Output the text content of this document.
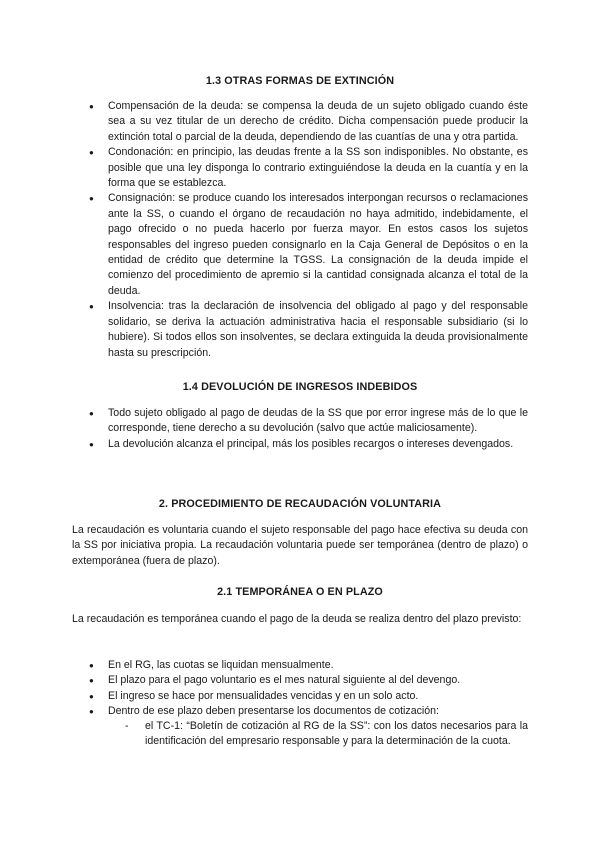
1.3 OTRAS FORMAS DE EXTINCIÓN
● Compensación de la deuda: se compensa la deuda de un sujeto obligado cuando éste sea a su vez titular de un derecho de crédito. Dicha compensación puede producir la extinción total o parcial de la deuda, dependiendo de las cuantías de una y otra partida.
● Condonación: en principio, las deudas frente a la SS son indisponibles. No obstante, es posible que una ley disponga lo contrario extinguiéndose la deuda en la cuantía y en la forma que se establezca.
● Consignación: se produce cuando los interesados interpongan recursos o reclamaciones ante la SS, o cuando el órgano de recaudación no haya admitido, indebidamente, el pago ofrecido o no pueda hacerlo por fuerza mayor. En estos casos los sujetos responsables del ingreso pueden consignarlo en la Caja General de Depósitos o en la entidad de crédito que determine la TGSS. La consignación de la deuda impide el comienzo del procedimiento de apremio si la cantidad consignada alcanza el total de la deuda.
● Insolvencia: tras la declaración de insolvencia del obligado al pago y del responsable solidario, se deriva la actuación administrativa hacia el responsable subsidiario (si lo hubiere). Si todos ellos son insolventes, se declara extinguida la deuda provisionalmente hasta su prescripción.
1.4 DEVOLUCIÓN DE INGRESOS INDEBIDOS
● Todo sujeto obligado al pago de deudas de la SS que por error ingrese más de lo que le corresponde, tiene derecho a su devolución (salvo que actúe maliciosamente).
● La devolución alcanza el principal, más los posibles recargos o intereses devengados.
2. PROCEDIMIENTO DE RECAUDACIÓN VOLUNTARIA

La recaudación es voluntaria cuando el sujeto responsable del pago hace efectiva su deuda con la SS por iniciativa propia. La recaudación voluntaria puede ser temporánea (dentro de plazo) o extemporánea (fuera de plazo).

2.1 TEMPORÁNEA O EN PLAZO

La recaudación es temporánea cuando el pago de la deuda se realiza dentro del plazo previsto:

● En el RG, las cuotas se liquidan mensualmente.
● El plazo para el pago voluntario es el mes natural siguiente al del devengo.
● El ingreso se hace por mensualidades vencidas y en un solo acto.
● Dentro de ese plazo deben presentarse los documentos de cotización:
- el TC-1: “Boletín de cotización al RG de la SS”: con los datos necesarios para la identificación del empresario responsable y para la determinación de la cuota.
